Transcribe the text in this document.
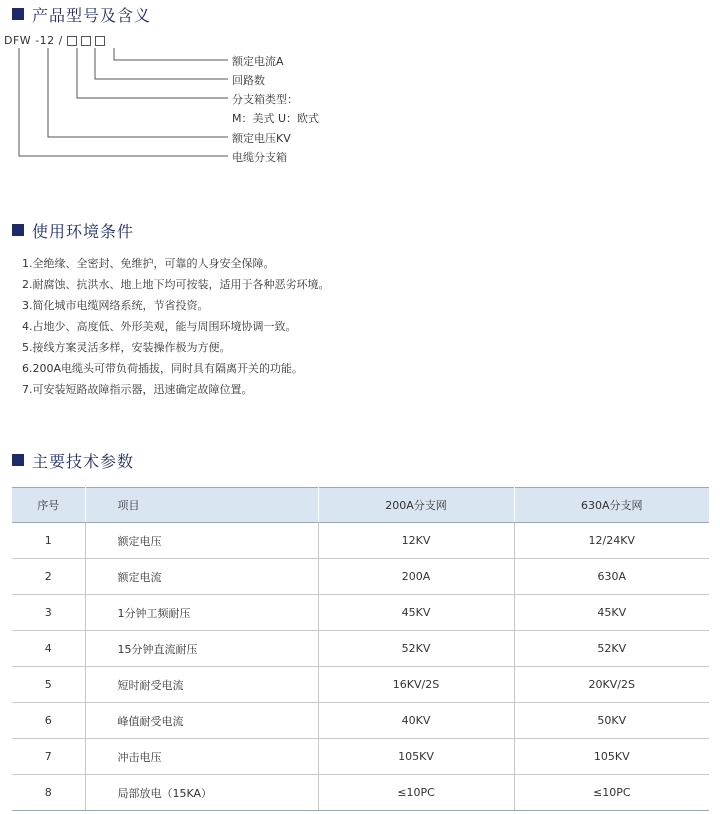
产品型号及含义
DFW -12 /
额定电流A
回路数
分支箱类型：
M：美式 U：欧式
额定电压KV
电缆分支箱
使用环境条件
1.全绝缘、全密封、免维护，可靠的人身安全保障。
2.耐腐蚀、抗洪水、地上地下均可按装，适用于各种恶劣环境。
3.简化城市电缆网络系统，节省投资。
4.占地少、高度低、外形美观，能与周围环境协调一致。
5.接线方案灵活多样，安装操作极为方便。
6.200A电缆头可带负荷插拔，同时具有隔离开关的功能。
7.可安装短路故障指示器，迅速确定故障位置。
主要技术参数
序号	项目	200A分支网	630A分支网
1	额定电压	12KV	12/24KV
2	额定电流	200A	630A
3	1分钟工频耐压	45KV	45KV
4	15分钟直流耐压	52KV	52KV
5	短时耐受电流	16KV/2S	20KV/2S
6	峰值耐受电流	40KV	50KV
7	冲击电压	105KV	105KV
8	局部放电（15KA）	≤10PC	≤10PC
